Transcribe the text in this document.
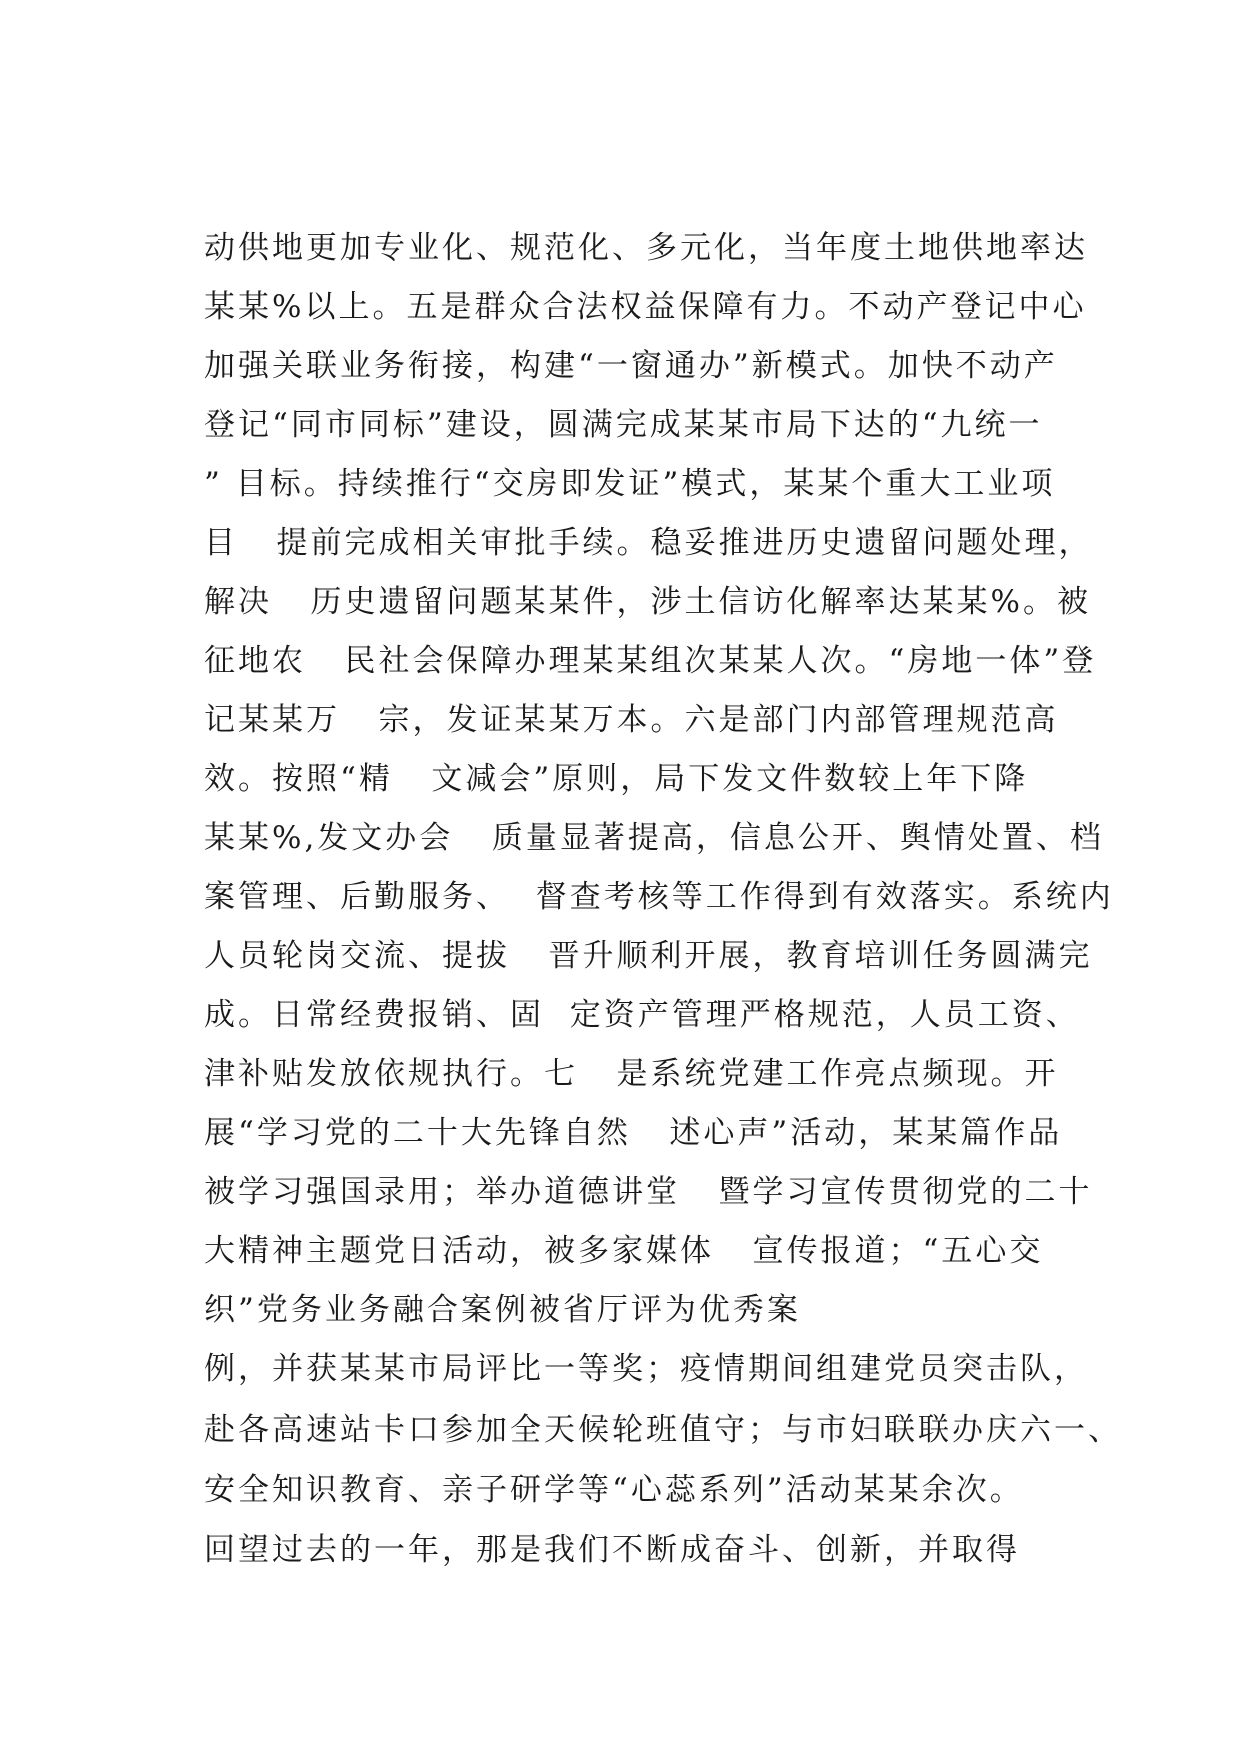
动供地更加专业化、规范化、多元化，当年度土地供地率达
某某%以上。五是群众合法权益保障有力。不动产登记中心
加强关联业务衔接，构建“一窗通办”新模式。加快不动产
登记“同市同标”建设，圆满完成某某市局下达的“九统一
” 目标。持续推行“交房即发证”模式，某某个重大工业项
目   提前完成相关审批手续。稳妥推进历史遗留问题处理，
解决   历史遗留问题某某件，涉土信访化解率达某某%。被
征地农   民社会保障办理某某组次某某人次。“房地一体”登
记某某万   宗，发证某某万本。六是部门内部管理规范高
效。按照“精   文减会”原则，局下发文件数较上年下降
某某%,发文办会   质量显著提高，信息公开、舆情处置、档
案管理、后勤服务、  督查考核等工作得到有效落实。系统内
人员轮岗交流、提拔   晋升顺利开展，教育培训任务圆满完
成。日常经费报销、固  定资产管理严格规范，人员工资、
津补贴发放依规执行。七   是系统党建工作亮点频现。开
展“学习党的二十大先锋自然   述心声”活动，某某篇作品
被学习强国录用；举办道德讲堂   暨学习宣传贯彻党的二十
大精神主题党日活动，被多家媒体   宣传报道；“五心交
织”党务业务融合案例被省厅评为优秀案
例，并获某某市局评比一等奖；疫情期间组建党员突击队，
赴各高速站卡口参加全天候轮班值守；与市妇联联办庆六一、
安全知识教育、亲子研学等“心蕊系列”活动某某余次。
回望过去的一年，那是我们不断成奋斗、创新，并取得
